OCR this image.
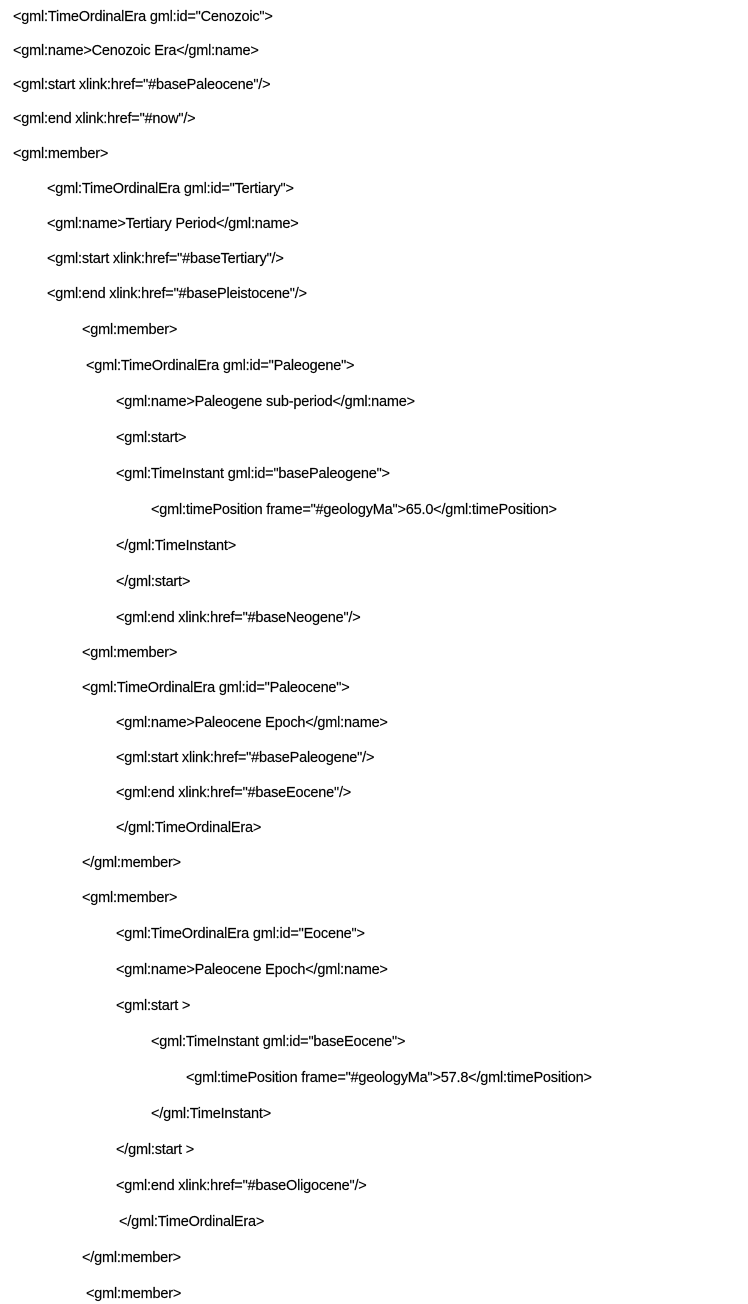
<gml:TimeOrdinalEra gml:id="Cenozoic">
<gml:name>Cenozoic Era</gml:name>
<gml:start xlink:href="#basePaleocene"/>
<gml:end xlink:href="#now"/>
<gml:member>
<gml:TimeOrdinalEra gml:id="Tertiary">
<gml:name>Tertiary Period</gml:name>
<gml:start xlink:href="#baseTertiary"/>
<gml:end xlink:href="#basePleistocene"/>
<gml:member>
<gml:TimeOrdinalEra gml:id="Paleogene">
<gml:name>Paleogene sub-period</gml:name>
<gml:start>
<gml:TimeInstant gml:id="basePaleogene">
<gml:timePosition frame="#geologyMa">65.0</gml:timePosition>
</gml:TimeInstant>
</gml:start>
<gml:end xlink:href="#baseNeogene"/>
<gml:member>
<gml:TimeOrdinalEra gml:id="Paleocene">
<gml:name>Paleocene Epoch</gml:name>
<gml:start xlink:href="#basePaleogene"/>
<gml:end xlink:href="#baseEocene"/>
</gml:TimeOrdinalEra>
</gml:member>
<gml:member>
<gml:TimeOrdinalEra gml:id="Eocene">
<gml:name>Paleocene Epoch</gml:name>
<gml:start >
<gml:TimeInstant gml:id="baseEocene">
<gml:timePosition frame="#geologyMa">57.8</gml:timePosition>
</gml:TimeInstant>
</gml:start >
<gml:end xlink:href="#baseOligocene"/>
</gml:TimeOrdinalEra>
</gml:member>
<gml:member>
